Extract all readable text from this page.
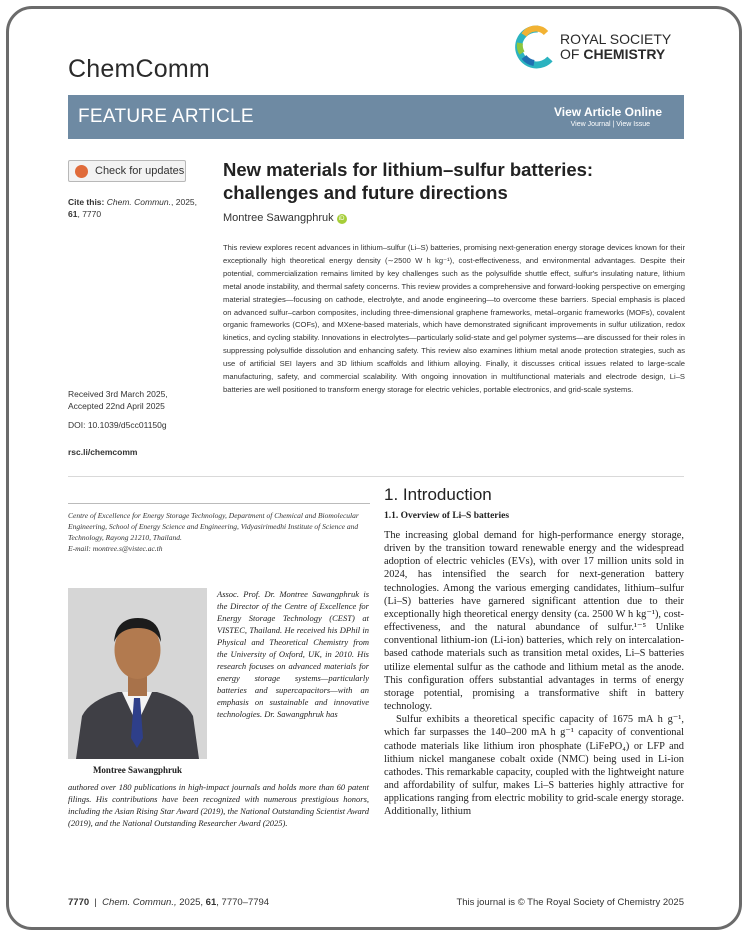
ChemComm
ROYAL SOCIETY
OF CHEMISTRY
FEATURE ARTICLE	View Article Online
View Journal | View Issue
Check for updates
Cite this: Chem. Commun., 2025,
61, 7770
New materials for lithium–sulfur batteries: challenges and future directions
Montree Sawangphruk iD
This review explores recent advances in lithium–sulfur (Li–S) batteries, promising next-generation energy storage devices known for their exceptionally high theoretical energy density (∼2500 W h kg⁻¹), cost-effectiveness, and environmental advantages. Despite their potential, commercialization remains limited by key challenges such as the polysulfide shuttle effect, sulfur's insulating nature, lithium metal anode instability, and thermal safety concerns. This review provides a comprehensive and forward-looking perspective on emerging material strategies—focusing on cathode, electrolyte, and anode engineering—to overcome these barriers. Special emphasis is placed on advanced sulfur–carbon composites, including three-dimensional graphene frameworks, metal–organic frameworks (MOFs), covalent organic frameworks (COFs), and MXene-based materials, which have demonstrated significant improvements in sulfur utilization, redox kinetics, and cycling stability. Innovations in electrolytes—particularly solid-state and gel polymer systems—are discussed for their roles in suppressing polysulfide dissolution and enhancing safety. This review also examines lithium metal anode protection strategies, such as use of artificial SEI layers and 3D lithium scaffolds and lithium alloying. Finally, it discusses critical issues related to large-scale manufacturing, safety, and commercial scalability. With ongoing innovation in multifunctional materials and electrode design, Li–S batteries are well positioned to transform energy storage for electric vehicles, portable electronics, and grid-scale systems.
Received 3rd March 2025,
Accepted 22nd April 2025
DOI: 10.1039/d5cc01150g
rsc.li/chemcomm
Centre of Excellence for Energy Storage Technology, Department of Chemical and Biomolecular Engineering, School of Energy Science and Engineering, Vidyasirimedhi Institute of Science and Technology, Rayong 21210, Thailand.
E-mail: montree.s@vistec.ac.th
Montree Sawangphruk
Assoc. Prof. Dr. Montree Sawangphruk is the Director of the Centre of Excellence for Energy Storage Technology (CEST) at VISTEC, Thailand. He received his DPhil in Physical and Theoretical Chemistry from the University of Oxford, UK, in 2010. His research focuses on advanced materials for energy storage systems—particularly batteries and supercapacitors—with an emphasis on sustainable and innovative technologies. Dr. Sawangphruk has
authored over 180 publications in high-impact journals and holds more than 60 patent filings. His contributions have been recognized with numerous prestigious honors, including the Asian Rising Star Award (2019), the National Outstanding Scientist Award (2019), and the National Outstanding Researcher Award (2025).
1. Introduction
1.1. Overview of Li–S batteries

The increasing global demand for high-performance energy storage, driven by the transition toward renewable energy and the widespread adoption of electric vehicles (EVs), with over 17 million units sold in 2024, has intensified the search for next-generation battery technologies. Among the various emerging candidates, lithium–sulfur (Li–S) batteries have garnered significant attention due to their exceptionally high theoretical energy density (ca. 2500 W h kg⁻¹), cost-effectiveness, and the natural abundance of sulfur.¹⁻⁵ Unlike conventional lithium-ion (Li-ion) batteries, which rely on intercalation-based cathode materials such as transition metal oxides, Li–S batteries utilize elemental sulfur as the cathode and lithium metal as the anode. This configuration offers substantial advantages in terms of energy storage potential, promising a transformative shift in battery technology.

Sulfur exhibits a theoretical specific capacity of 1675 mA h g⁻¹, which far surpasses the 140–200 mA h g⁻¹ capacity of conventional cathode materials like lithium iron phosphate (LiFePO₄) or LFP and lithium nickel manganese cobalt oxide (NMC) being used in Li-ion cathodes. This remarkable capacity, coupled with the lightweight nature and affordability of sulfur, makes Li–S batteries highly attractive for applications ranging from electric mobility to grid-scale energy storage. Additionally, lithium

7770 | Chem. Commun., 2025, 61, 7770–7794	This journal is © The Royal Society of Chemistry 2025
